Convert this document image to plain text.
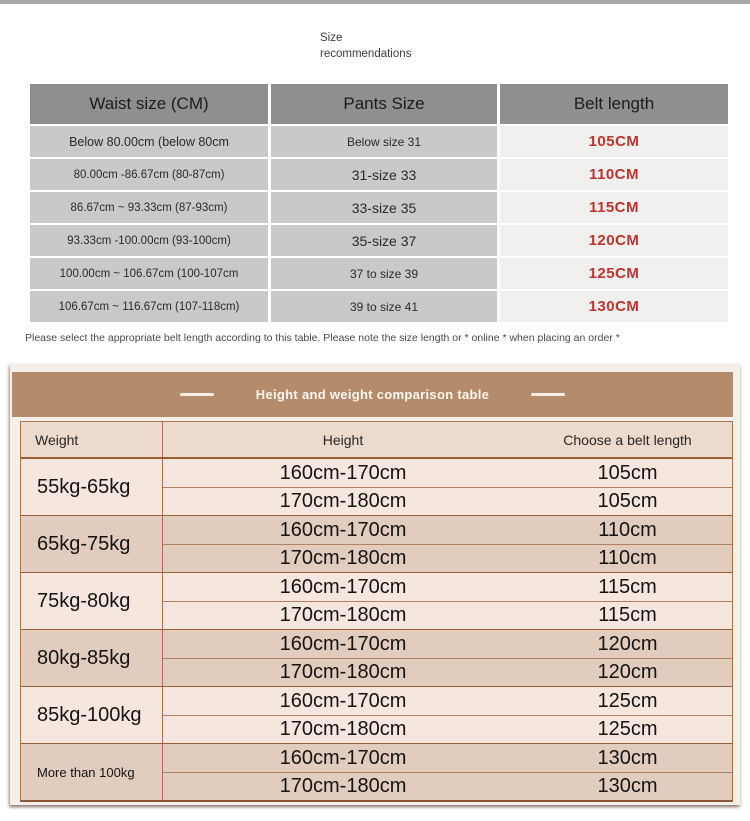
Size
recommendations
Waist size (CM)	Pants Size	Belt length
Below 80.00cm (below 80cm	Below size 31	105CM
80.00cm -86.67cm (80-87cm)	31-size 33	110CM
86.67cm ~ 93.33cm (87-93cm)	33-size 35	115CM
93.33cm -100.00cm (93-100cm)	35-size 37	120CM
100.00cm ~ 106.67cm (100-107cm	37 to size 39	125CM
106.67cm ~ 116.67cm (107-118cm)	39 to size 41	130CM
Please select the appropriate belt length according to this table. Please note the size length or * online * when placing an order *
Height and weight comparison table
Weight	Height	Choose a belt length
55kg-65kg
160cm-170cm	105cm
170cm-180cm	105cm
65kg-75kg
160cm-170cm	110cm
170cm-180cm	110cm
75kg-80kg
160cm-170cm	115cm
170cm-180cm	115cm
80kg-85kg
160cm-170cm	120cm
170cm-180cm	120cm
85kg-100kg
160cm-170cm	125cm
170cm-180cm	125cm
More than 100kg
160cm-170cm	130cm
170cm-180cm	130cm
